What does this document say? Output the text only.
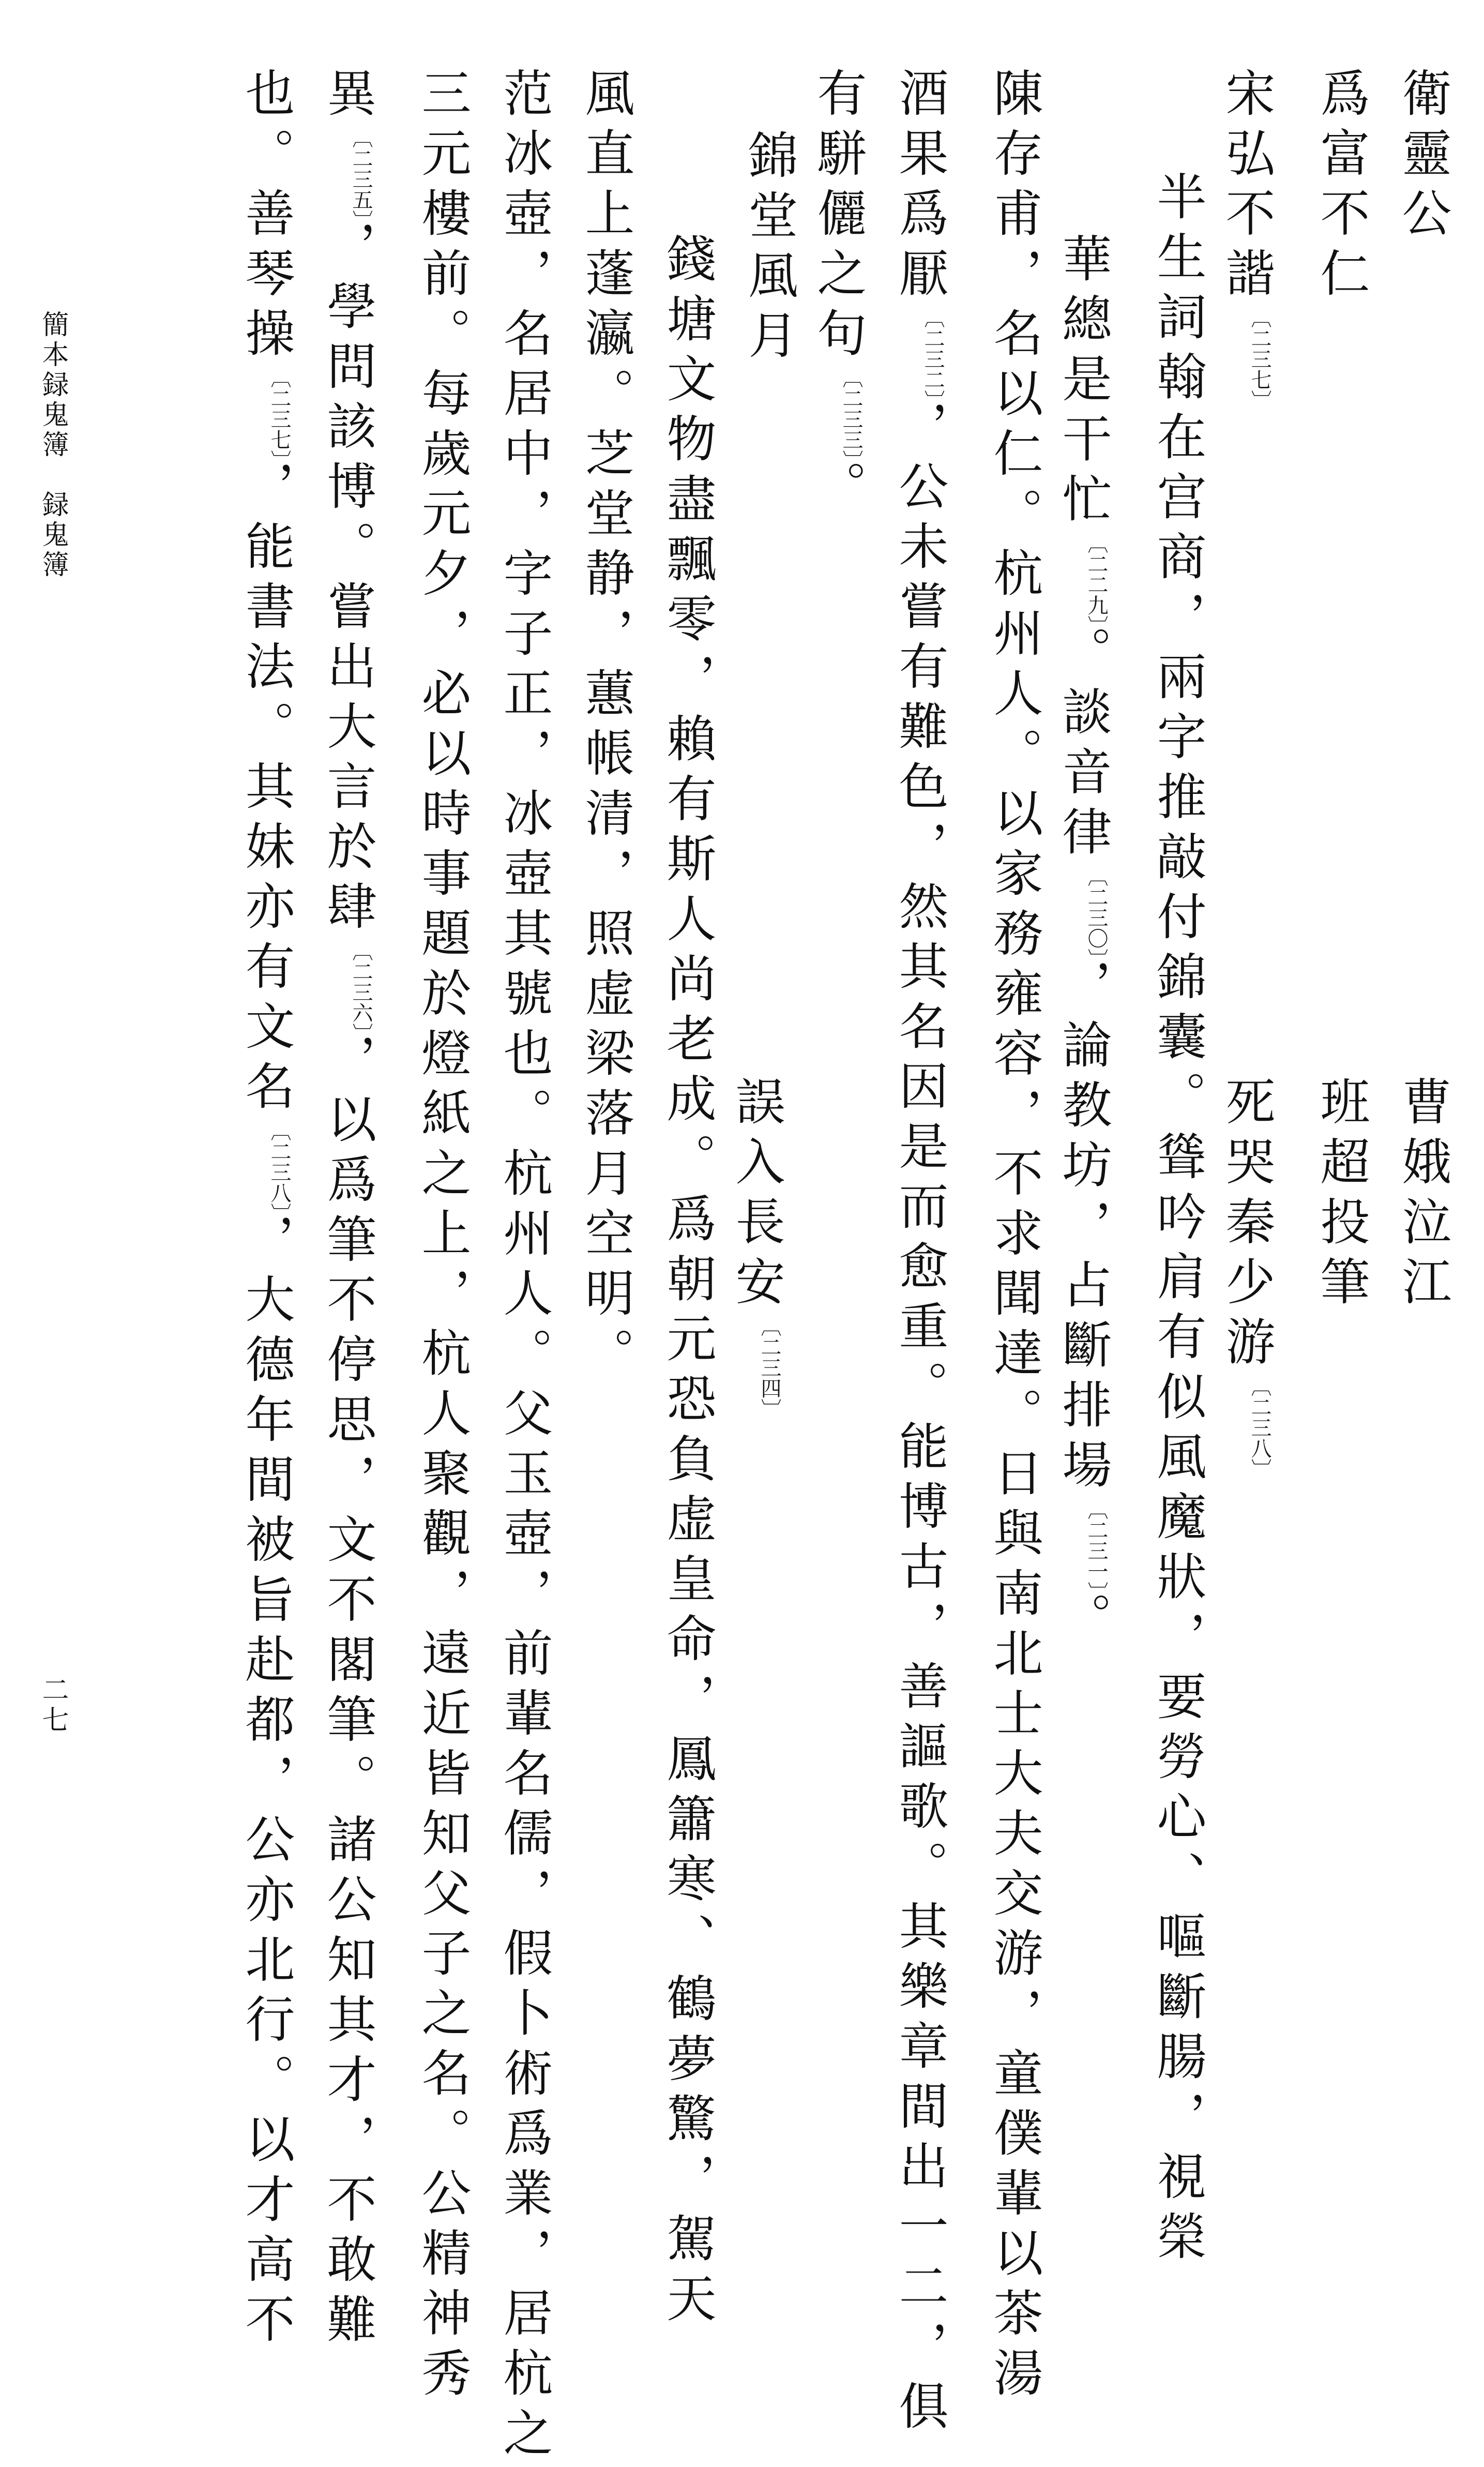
衛靈公
曹娥泣江
爲富不仁
班超投筆
宋弘不諧〔二三七〕
死哭秦少游〔二三八〕
半生詞翰在宫商，兩字推敲付錦囊。聳吟肩有似風魔狀，要勞心、嘔斷腸，視榮
華總是干忙〔二二九〕。談音律〔二三〇〕，論教坊，占斷排場〔二三一〕。
陳存甫，名以仁。杭州人。以家務雍容，不求聞達。日與南北士大夫交游，童僕輩以茶湯
酒果爲厭〔二三二〕，公未嘗有難色，然其名因是而愈重。能博古，善謳歌。其樂章間出一二，俱
有駢儷之句〔二三三〕。
錦堂風月
誤入長安〔二三四〕
錢塘文物盡飄零，賴有斯人尚老成。爲朝元恐負虚皇命，鳳簫寒、鶴夢驚，駕天
風直上蓬瀛。芝堂静，蕙帳清，照虚梁落月空明。
范冰壺，名居中，字子正，冰壺其號也。杭州人。父玉壺，前輩名儒，假卜術爲業，居杭之
三元樓前。每歲元夕，必以時事題於燈紙之上，杭人聚觀，遠近皆知父子之名。公精神秀
異〔二三五〕，學問該博。嘗出大言於肆〔二三六〕，以爲筆不停思，文不閣筆。諸公知其才，不敢難
也。善琴操〔二三七〕，能書法。其妹亦有文名〔二三八〕，大德年間被旨赴都，公亦北行。以才高不
簡本録鬼簿　録鬼簿
二七
